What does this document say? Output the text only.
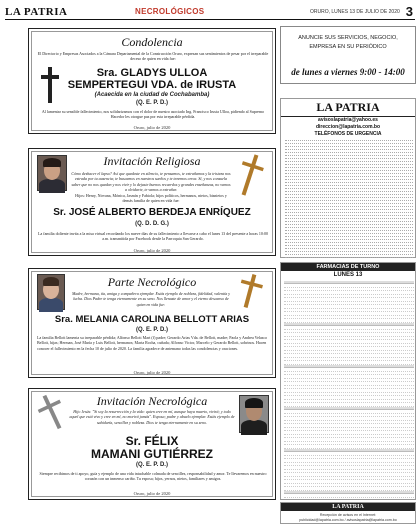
LA PATRIA	NECROLÓGICOS	ORURO, LUNES 13 DE JULIO DE 2020 3
Condolencia
El Directorio y Empresas Asociados a la Cámara Departamental de la Construcción Oruro, expresan sus sentimientos de pesar por el irreparable deceso de quien en vida fue:
Sra. GLADYS ULLOA
SEMPERTEGUI VDA. de IRUSTA
(Acaecida en la ciudad de Cochabamba)
(Q. E. P. D.)
Al lamentar su sensible fallecimiento, nos solidarizamos con el dolor de nuestro asociado Ing. Francisco Irusta Ulloa, pidiendo al Supremo Hacedor les otorgue paz por esta irreparable pérdida.
Oruro, julio de 2020
Invitación Religiosa
Cómo deshacer el lapso? Así que quedaste en silencio, te pensamos, te extrañamos y la tristeza nos estrada por tu ausencia; te buscamos en nuestros sueños y te tenemos cerca. Sí, y nos consuela saber que no nos quedan y nos vivir y lo dejaste buenos recuerdos y grandes enseñanzas, no vamos a olvidarte, te vamos a extrañar.
Hijos: Henry, Nirvana, Mónica, Jasmín y Fabiola; hijos políticos, hermanos, nietos, bisnietos y demás familia de quien en vida fue:
Sr. JOSÉ ALBERTO BERDEJA ENRÍQUEZ
(Q. D. D. G.)
La familia doliente invita a la misa virtual recordando los nueve días de su fallecimiento a llevarse a cabo el lunes 13 del presente a horas 10:00 a.m. transmitida por Facebook desde la Parroquia San Gerardo.
Oruro, julio de 2020
Parte Necrológico
Madre, hermana, tía, amiga y compañera ejemplar. Estás ejemplo de nobleza, fidelidad, valentía y lucha. Dios Padre te tenga eternamente en su seno. Nos llenaste de amor y el eterno descanso de quien en vida fue:
Sra. MELANIA CAROLINA BELLOTT ARIAS
(Q. E. P. D.)
La familia Bellott lamenta su irreparable pérdida; Alfonso Bellott Mart (f) padre; Gerardo Arias Vda. de Bellott, madre; Paola y Andrea Velasco Bellott, hijas; Herman, José María y Luis Bellott, hermanos; Marta Rocha, cuñada; Alfonso Victor, Marcelo y Gerardo Bellott, sobrinos. Hacen conocer el fallecimiento en la fecha 10 de julio de 2020. La familia agradece de antemano todas las condolencias y oraciones.
Oruro, julio de 2020
Invitación Necrológica
Hijo Jesús: "Si soy la resurrección y la vida: quien cree en mí, aunque haya muerto, vivirá; y todo aquel que está vivo y cree en mí, no morirá jamás". Esposa; padre y abuelo ejemplar. Estás ejemplo de sabiduría, sencillez y nobleza. Dios te tenga eternamente en su seno.
Sr. FÉLIX
MAMANI GUTIÉRREZ
(Q. E. P. D.)
Siempre recibimos de ti apoyo, guía y ejemplo de una vida intachable colmada de sencillez, responsabilidad y amor. Te llevaremos en nuestro corazón con un inmenso cariño. Tu esposa; hijos, yernos, nietos, familiares y amigos.
Oruro, julio de 2020
ANUNCIE SUS SERVICIOS, NEGOCIO,
EMPRESA EN SU PERIÓDICO
de lunes a viernes 9:00 - 14:00
LA PATRIA
avisoslapatria@yahoo.es
direccion@lapatria.com.bo
TELÉFONOS DE URGENCIA
FARMACIAS DE TURNO
LUNES 13
LA PATRIA
Recepción de avisos en el Internet:
publicidad@lapatria.com.bo / avisoslapatria@lapatria.com.bo
